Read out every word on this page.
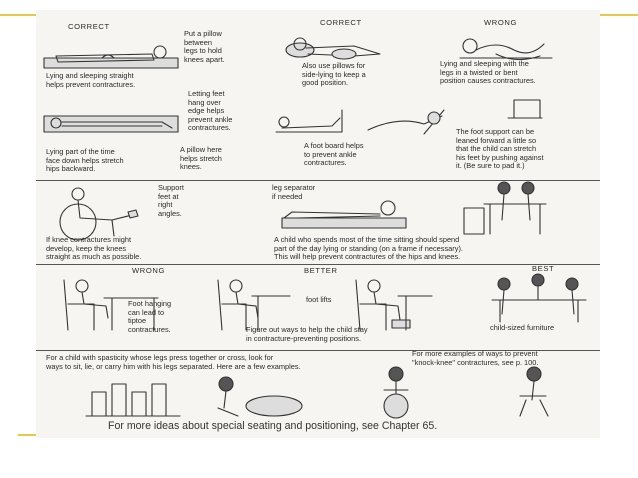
CORRECT	CORRECT	WRONG
Put a pillow
between
legs to hold
knees apart.
Lying and sleeping straight
helps prevent contractures.
Also use pillows for
side-lying to keep a
good position.
Lying and sleeping with the
legs in a twisted or bent
position causes contractures.
Letting feet
hang over
edge helps
prevent ankle
contractures.
Lying part of the time
face down helps stretch
hips backward.
A pillow here
helps stretch
knees.
A foot board helps
to prevent ankle
contractures.
The foot support can be
leaned forward a little so
that the child can stretch
his feet by pushing against
it. (Be sure to pad it.)
Support
feet at
right
angles.
If knee contractures might
develop, keep the knees
straight as much as possible.
leg separator
if needed
A child who spends most of the time sitting should spend
part of the day lying or standing (on a frame if necessary).
This will help prevent contractures of the hips and knees.
WRONG	BETTER	BEST
Foot hanging
can lead to
tiptoe
contractures.
foot lifts
Figure out ways to help the child stay
in contracture-preventing positions.
child-sized furniture
For a child with spasticity whose legs press together or cross, look for
ways to sit, lie, or carry him with his legs separated. Here are a few examples.
For more examples of ways to prevent
"knock-knee" contractures, see p. 100.
For more ideas about special seating and positioning, see Chapter 65.
